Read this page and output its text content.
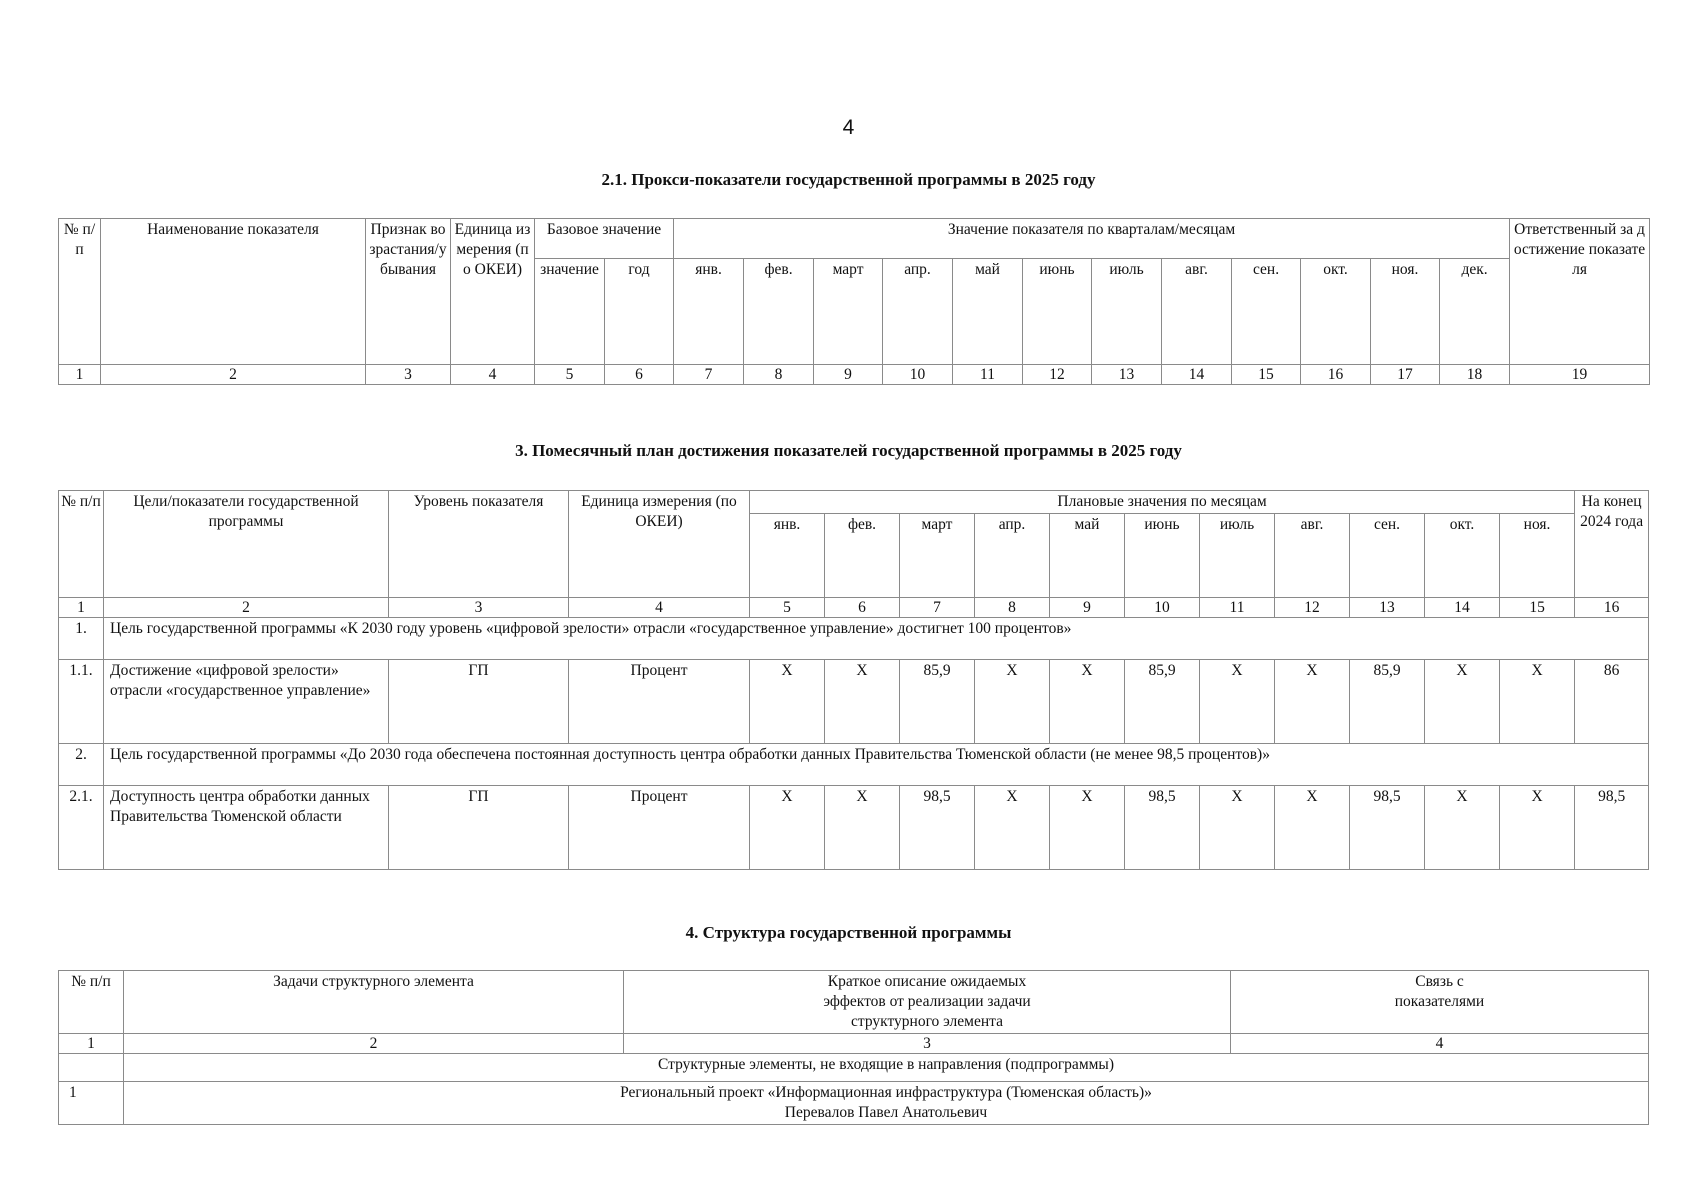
4
2.1. Прокси-показатели государственной программы в 2025 году
№ п/п	Наименование показателя	Признак возрастания/убывания	Единица измерения (по ОКЕИ)	Базовое значение		Значение показателя по кварталам/месяцам												Ответственный за достижение показателя
				значение	год	янв.	фев.	март	апр.	май	июнь	июль	авг.	сен.	окт.	ноя.	дек.	
1	2	3	4	5	6	7	8	9	10	11	12	13	14	15	16	17	18	19
3. Помесячный план достижения показателей государственной программы в 2025 году
№ п/п	Цели/показатели государственной программы	Уровень показателя	Единица измерения (по ОКЕИ)	Плановые значения по месяцам											На конец 2024 года
				янв.	фев.	март	апр.	май	июнь	июль	авг.	сен.	окт.	ноя.	
1	2	3	4	5	6	7	8	9	10	11	12	13	14	15	16
1.	Цель государственной программы «К 2030 году уровень «цифровой зрелости» отрасли «государственное управление» достигнет 100 процентов»														
1.1.	Достижение «цифровой зрелости» отрасли «государственное управление»	ГП	Процент	Х	Х	85,9	Х	Х	85,9	Х	Х	85,9	Х	Х	86
2.	Цель государственной программы «До 2030 года обеспечена постоянная доступность центра обработки данных Правительства Тюменской области (не менее 98,5 процентов)»														
2.1.	Доступность центра обработки данных Правительства Тюменской области	ГП	Процент	Х	Х	98,5	Х	Х	98,5	Х	Х	98,5	Х	Х	98,5
4. Структура государственной программы
№ п/п	Задачи структурного элемента	Краткое описание ожидаемых эффектов от реализации задачи структурного элемента	Связь с показателями
1	2	3	4
	Структурные элементы, не входящие в направления (подпрограммы)		
1	Региональный проект «Информационная инфраструктура (Тюменская область)»
Перевалов Павел Анатольевич		
